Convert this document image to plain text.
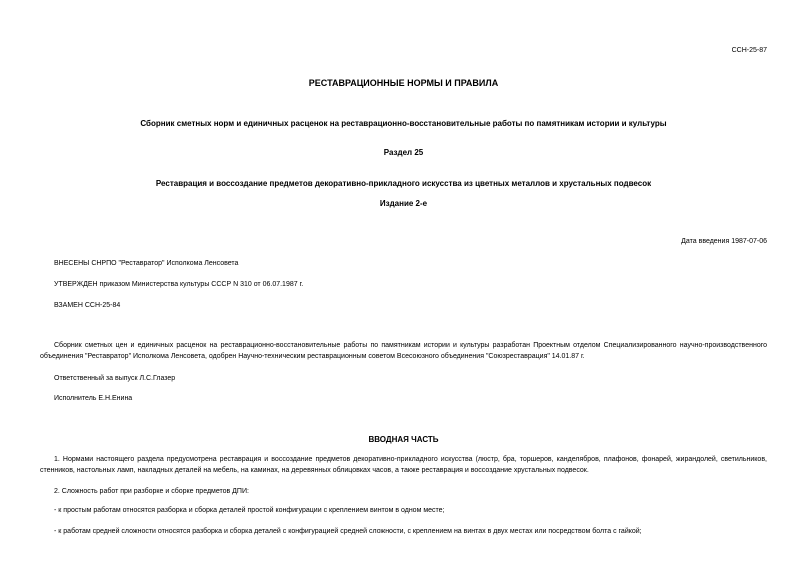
ССН-25-87
РЕСТАВРАЦИОННЫЕ НОРМЫ И ПРАВИЛА
Сборник сметных норм и единичных расценок на реставрационно-восстановительные работы по памятникам истории и культуры
Раздел 25
Реставрация и воссоздание предметов декоративно-прикладного искусства из цветных металлов и хрустальных подвесок
Издание 2-е
Дата введения 1987-07-06
ВНЕСЕНЫ СНРПО "Реставратор" Исполкома Ленсовета
УТВЕРЖДЕН приказом Министерства культуры СССР N 310 от 06.07.1987 г.
ВЗАМЕН ССН-25-84
Сборник сметных цен и единичных расценок на реставрационно-восстановительные работы по памятникам истории и культуры разработан Проектным отделом Специализированного научно-производственного объединения "Реставратор" Исполкома Ленсовета, одобрен Научно-техническим реставрационным советом Всесоюзного объединения "Союзреставрация" 14.01.87 г.
Ответственный за выпуск Л.С.Глазер
Исполнитель Е.Н.Енина
ВВОДНАЯ ЧАСТЬ
1. Нормами настоящего раздела предусмотрена реставрация и воссоздание предметов декоративно-прикладного искусства (люстр, бра, торшеров, канделябров, плафонов, фонарей, жирандолей, светильников, стенников, настольных ламп, накладных деталей на мебель, на каминах, на деревянных облицовках часов, а также реставрация и воссоздание хрустальных подвесок.
2. Сложность работ при разборке и сборке предметов ДПИ:
- к простым работам относятся разборка и сборка деталей простой конфигурации с креплением винтом в одном месте;
- к работам средней сложности относятся разборка и сборка деталей с конфигурацией средней сложности, с креплением на винтах в двух местах или посредством болта с гайкой;
